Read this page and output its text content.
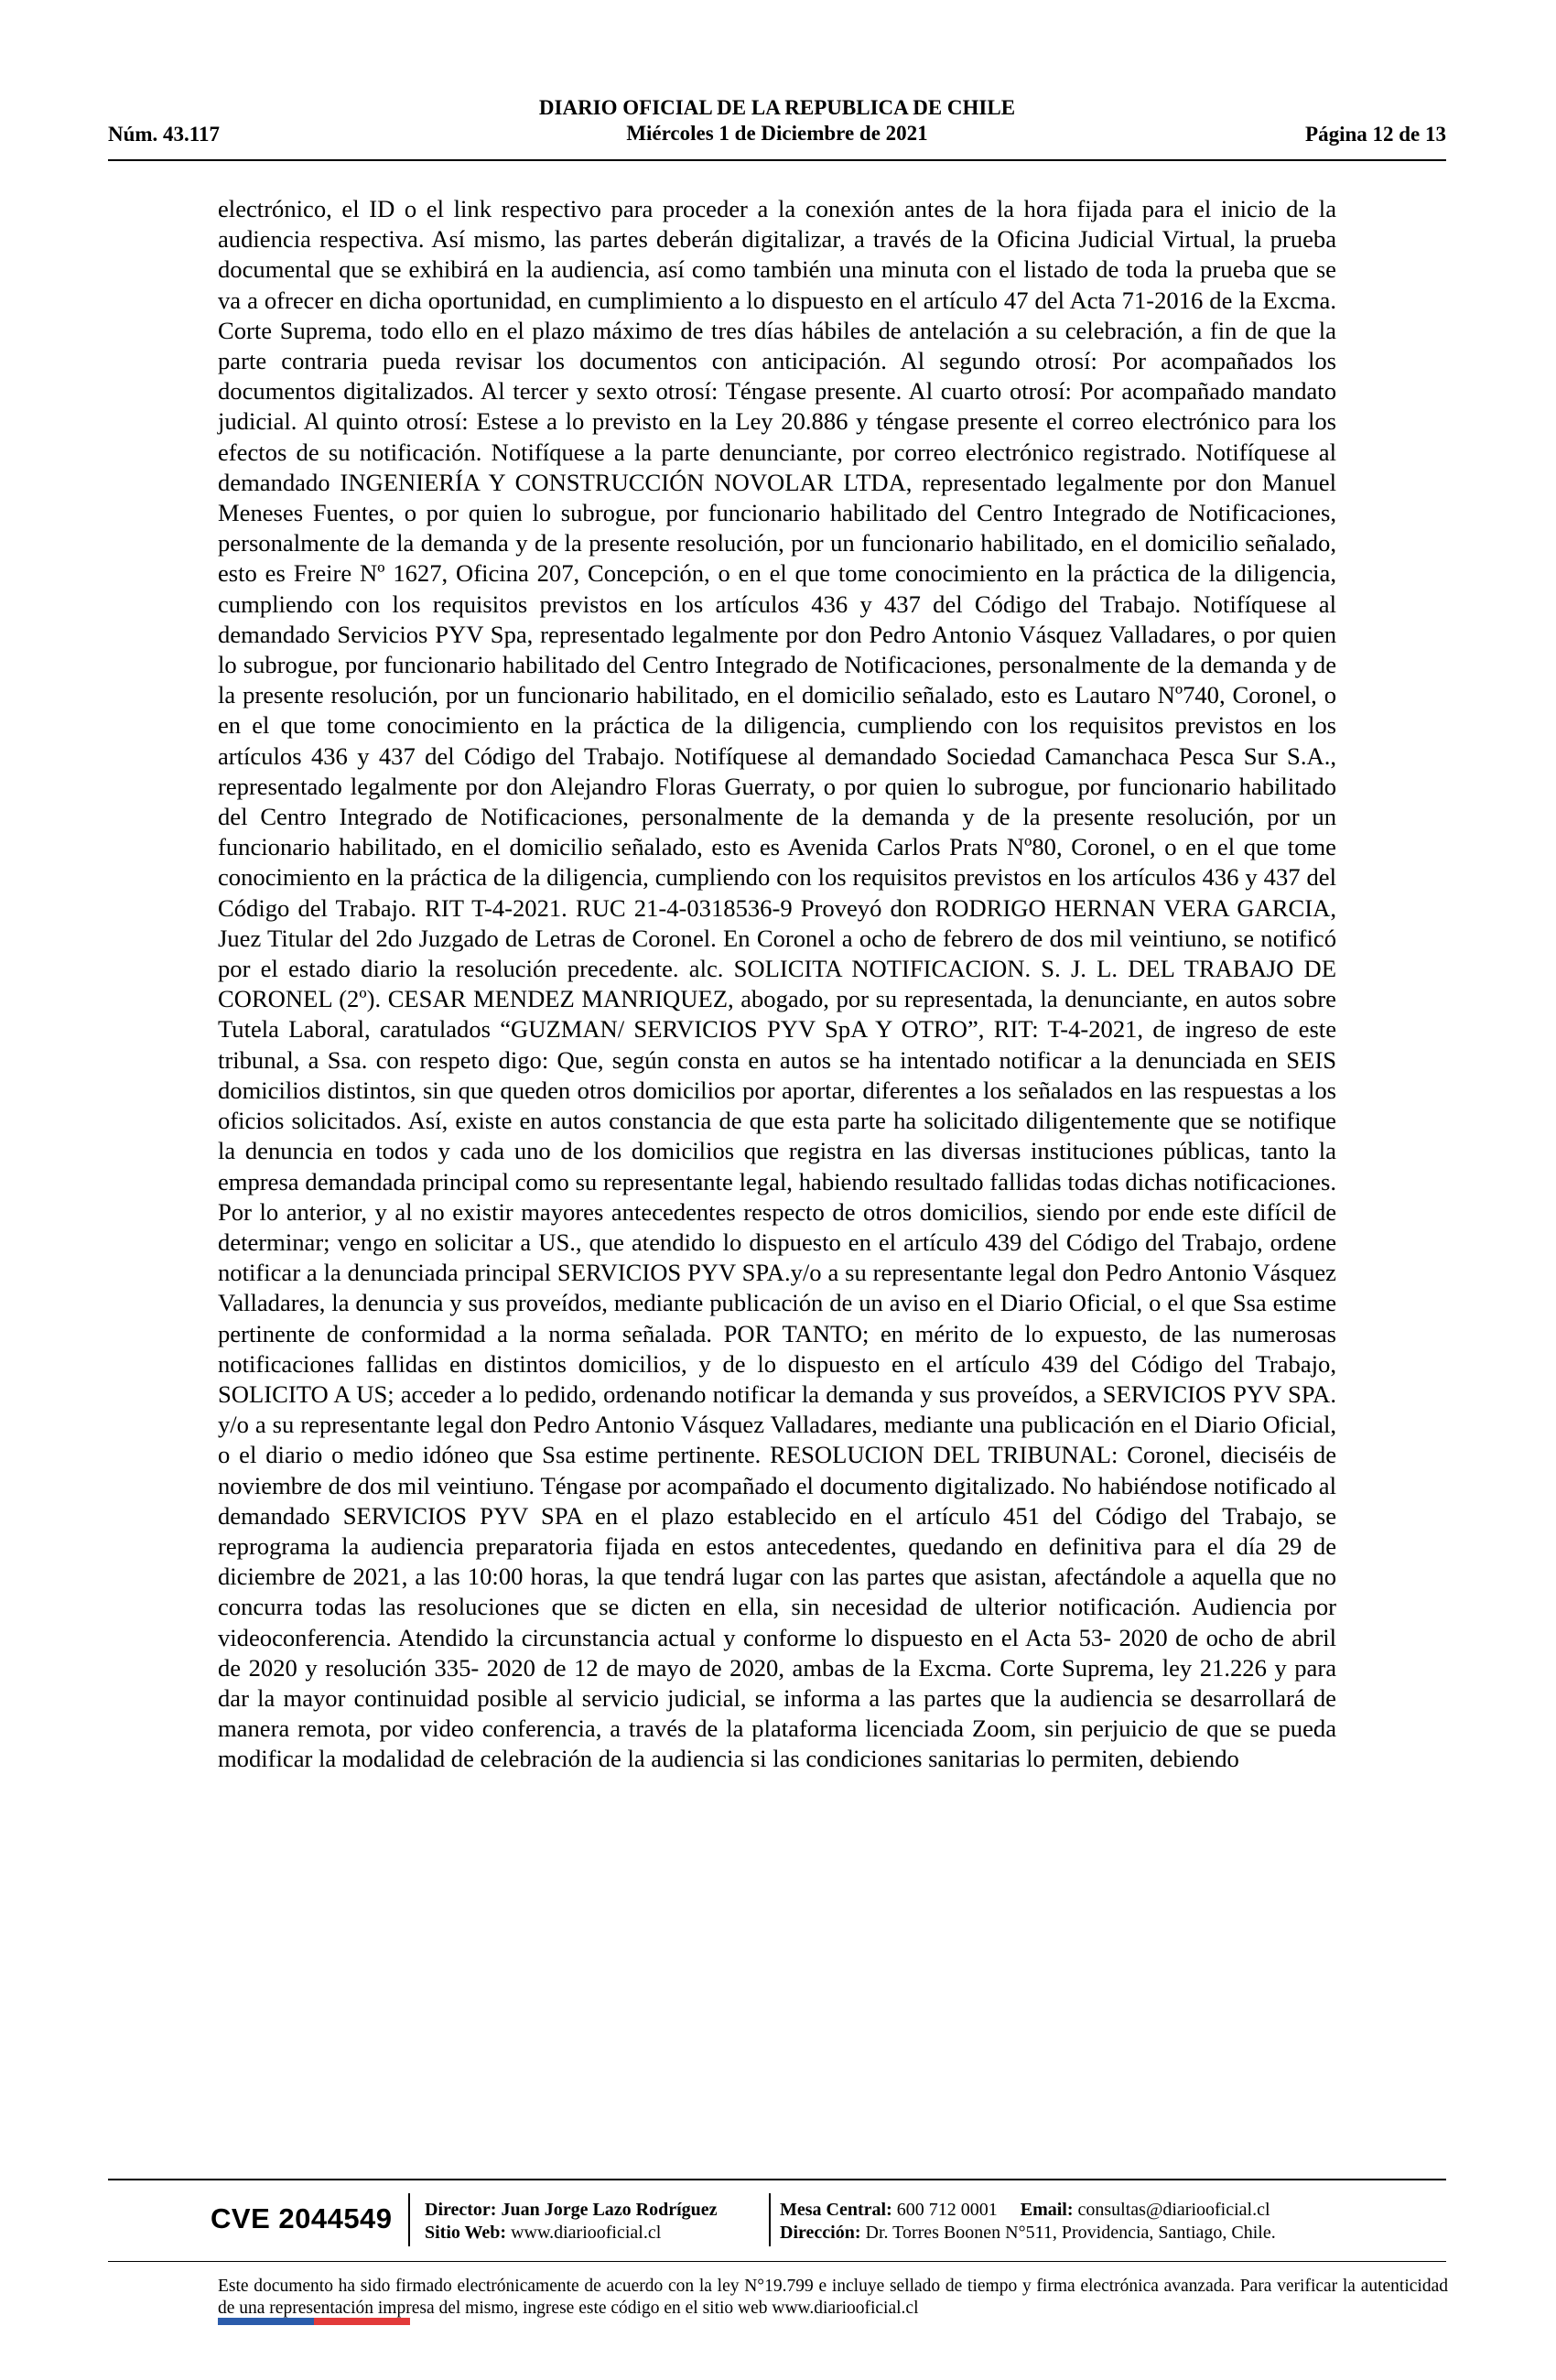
DIARIO OFICIAL DE LA REPUBLICA DE CHILE
Miércoles 1 de Diciembre de 2021
Núm. 43.117	Página 12 de 13
electrónico, el ID o el link respectivo para proceder a la conexión antes de la hora fijada para el inicio de la audiencia respectiva. Así mismo, las partes deberán digitalizar, a través de la Oficina Judicial Virtual, la prueba documental que se exhibirá en la audiencia, así como también una minuta con el listado de toda la prueba que se va a ofrecer en dicha oportunidad, en cumplimiento a lo dispuesto en el artículo 47 del Acta 71-2016 de la Excma. Corte Suprema, todo ello en el plazo máximo de tres días hábiles de antelación a su celebración, a fin de que la parte contraria pueda revisar los documentos con anticipación. Al segundo otrosí: Por acompañados los documentos digitalizados. Al tercer y sexto otrosí: Téngase presente. Al cuarto otrosí: Por acompañado mandato judicial. Al quinto otrosí: Estese a lo previsto en la Ley 20.886 y téngase presente el correo electrónico para los efectos de su notificación. Notifíquese a la parte denunciante, por correo electrónico registrado. Notifíquese al demandado INGENIERÍA Y CONSTRUCCIÓN NOVOLAR LTDA, representado legalmente por don Manuel Meneses Fuentes, o por quien lo subrogue, por funcionario habilitado del Centro Integrado de Notificaciones, personalmente de la demanda y de la presente resolución, por un funcionario habilitado, en el domicilio señalado, esto es Freire Nº 1627, Oficina 207, Concepción, o en el que tome conocimiento en la práctica de la diligencia, cumpliendo con los requisitos previstos en los artículos 436 y 437 del Código del Trabajo. Notifíquese al demandado Servicios PYV Spa, representado legalmente por don Pedro Antonio Vásquez Valladares, o por quien lo subrogue, por funcionario habilitado del Centro Integrado de Notificaciones, personalmente de la demanda y de la presente resolución, por un funcionario habilitado, en el domicilio señalado, esto es Lautaro Nº740, Coronel, o en el que tome conocimiento en la práctica de la diligencia, cumpliendo con los requisitos previstos en los artículos 436 y 437 del Código del Trabajo. Notifíquese al demandado Sociedad Camanchaca Pesca Sur S.A., representado legalmente por don Alejandro Floras Guerraty, o por quien lo subrogue, por funcionario habilitado del Centro Integrado de Notificaciones, personalmente de la demanda y de la presente resolución, por un funcionario habilitado, en el domicilio señalado, esto es Avenida Carlos Prats Nº80, Coronel, o en el que tome conocimiento en la práctica de la diligencia, cumpliendo con los requisitos previstos en los artículos 436 y 437 del Código del Trabajo. RIT T-4-2021. RUC 21-4-0318536-9 Proveyó don RODRIGO HERNAN VERA GARCIA, Juez Titular del 2do Juzgado de Letras de Coronel. En Coronel a ocho de febrero de dos mil veintiuno, se notificó por el estado diario la resolución precedente. alc. SOLICITA NOTIFICACION. S. J. L. DEL TRABAJO DE CORONEL (2º). CESAR MENDEZ MANRIQUEZ, abogado, por su representada, la denunciante, en autos sobre Tutela Laboral, caratulados “GUZMAN/ SERVICIOS PYV SpA Y OTRO”, RIT: T-4-2021, de ingreso de este tribunal, a Ssa. con respeto digo: Que, según consta en autos se ha intentado notificar a la denunciada en SEIS domicilios distintos, sin que queden otros domicilios por aportar, diferentes a los señalados en las respuestas a los oficios solicitados. Así, existe en autos constancia de que esta parte ha solicitado diligentemente que se notifique la denuncia en todos y cada uno de los domicilios que registra en las diversas instituciones públicas, tanto la empresa demandada principal como su representante legal, habiendo resultado fallidas todas dichas notificaciones. Por lo anterior, y al no existir mayores antecedentes respecto de otros domicilios, siendo por ende este difícil de determinar; vengo en solicitar a US., que atendido lo dispuesto en el artículo 439 del Código del Trabajo, ordene notificar a la denunciada principal SERVICIOS PYV SPA.y/o a su representante legal don Pedro Antonio Vásquez Valladares, la denuncia y sus proveídos, mediante publicación de un aviso en el Diario Oficial, o el que Ssa estime pertinente de conformidad a la norma señalada. POR TANTO; en mérito de lo expuesto, de las numerosas notificaciones fallidas en distintos domicilios, y de lo dispuesto en el artículo 439 del Código del Trabajo, SOLICITO A US; acceder a lo pedido, ordenando notificar la demanda y sus proveídos, a SERVICIOS PYV SPA. y/o a su representante legal don Pedro Antonio Vásquez Valladares, mediante una publicación en el Diario Oficial, o el diario o medio idóneo que Ssa estime pertinente. RESOLUCION DEL TRIBUNAL: Coronel, dieciséis de noviembre de dos mil veintiuno. Téngase por acompañado el documento digitalizado. No habiéndose notificado al demandado SERVICIOS PYV SPA en el plazo establecido en el artículo 451 del Código del Trabajo, se reprograma la audiencia preparatoria fijada en estos antecedentes, quedando en definitiva para el día 29 de diciembre de 2021, a las 10:00 horas, la que tendrá lugar con las partes que asistan, afectándole a aquella que no concurra todas las resoluciones que se dicten en ella, sin necesidad de ulterior notificación. Audiencia por videoconferencia. Atendido la circunstancia actual y conforme lo dispuesto en el Acta 53- 2020 de ocho de abril de 2020 y resolución 335- 2020 de 12 de mayo de 2020, ambas de la Excma. Corte Suprema, ley 21.226 y para dar la mayor continuidad posible al servicio judicial, se informa a las partes que la audiencia se desarrollará de manera remota, por video conferencia, a través de la plataforma licenciada Zoom, sin perjuicio de que se pueda modificar la modalidad de celebración de la audiencia si las condiciones sanitarias lo permiten, debiendo
CVE 2044549 Director: Juan Jorge Lazo Rodríguez
Sitio Web: www.diariooficial.cl
Mesa Central: 600 712 0001 Email: consultas@diariooficial.cl
Dirección: Dr. Torres Boonen N°511, Providencia, Santiago, Chile.
Este documento ha sido firmado electrónicamente de acuerdo con la ley N°19.799 e incluye sellado de tiempo y firma electrónica avanzada. Para verificar la autenticidad de una representación impresa del mismo, ingrese este código en el sitio web www.diariooficial.cl
